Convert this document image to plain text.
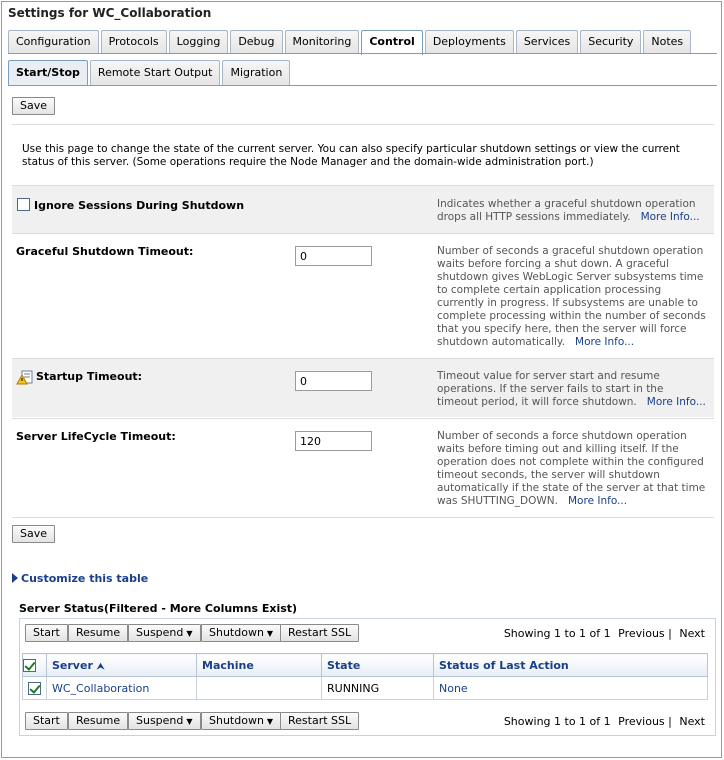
Settings for WC_Collaboration
Configuration	Protocols	Logging	Debug	Monitoring	Control	Deployments	Services	Security	Notes
Start/Stop	Remote Start Output	Migration
Save
Use this page to change the state of the current server. You can also specify particular shutdown settings or view the current status of this server. (Some operations require the Node Manager and the domain-wide administration port.)
Ignore Sessions During Shutdown	Indicates whether a graceful shutdown operation drops all HTTP sessions immediately. More Info...
Graceful Shutdown Timeout:
0	Number of seconds a graceful shutdown operation waits before forcing a shut down. A graceful shutdown gives WebLogic Server subsystems time to complete certain application processing currently in progress. If subsystems are unable to complete processing within the number of seconds that you specify here, then the server will force shutdown automatically. More Info...
Startup Timeout:
0	Timeout value for server start and resume operations. If the server fails to start in the timeout period, it will force shutdown. More Info...
Server LifeCycle Timeout:
120	Number of seconds a force shutdown operation waits before timing out and killing itself. If the operation does not complete within the configured timeout seconds, the server will shutdown automatically if the state of the server at that time was SHUTTING_DOWN. More Info...
Save
Customize this table
Server Status(Filtered - More Columns Exist)
Start	Resume	Suspend ▼	Shutdown ▼	Restart SSL	Showing 1 to 1 of 1 Previous | Next
	Server ⮝	Machine	State	Status of Last Action
	WC_Collaboration		RUNNING	None
Start	Resume	Suspend ▼	Shutdown ▼	Restart SSL	Showing 1 to 1 of 1 Previous | Next
